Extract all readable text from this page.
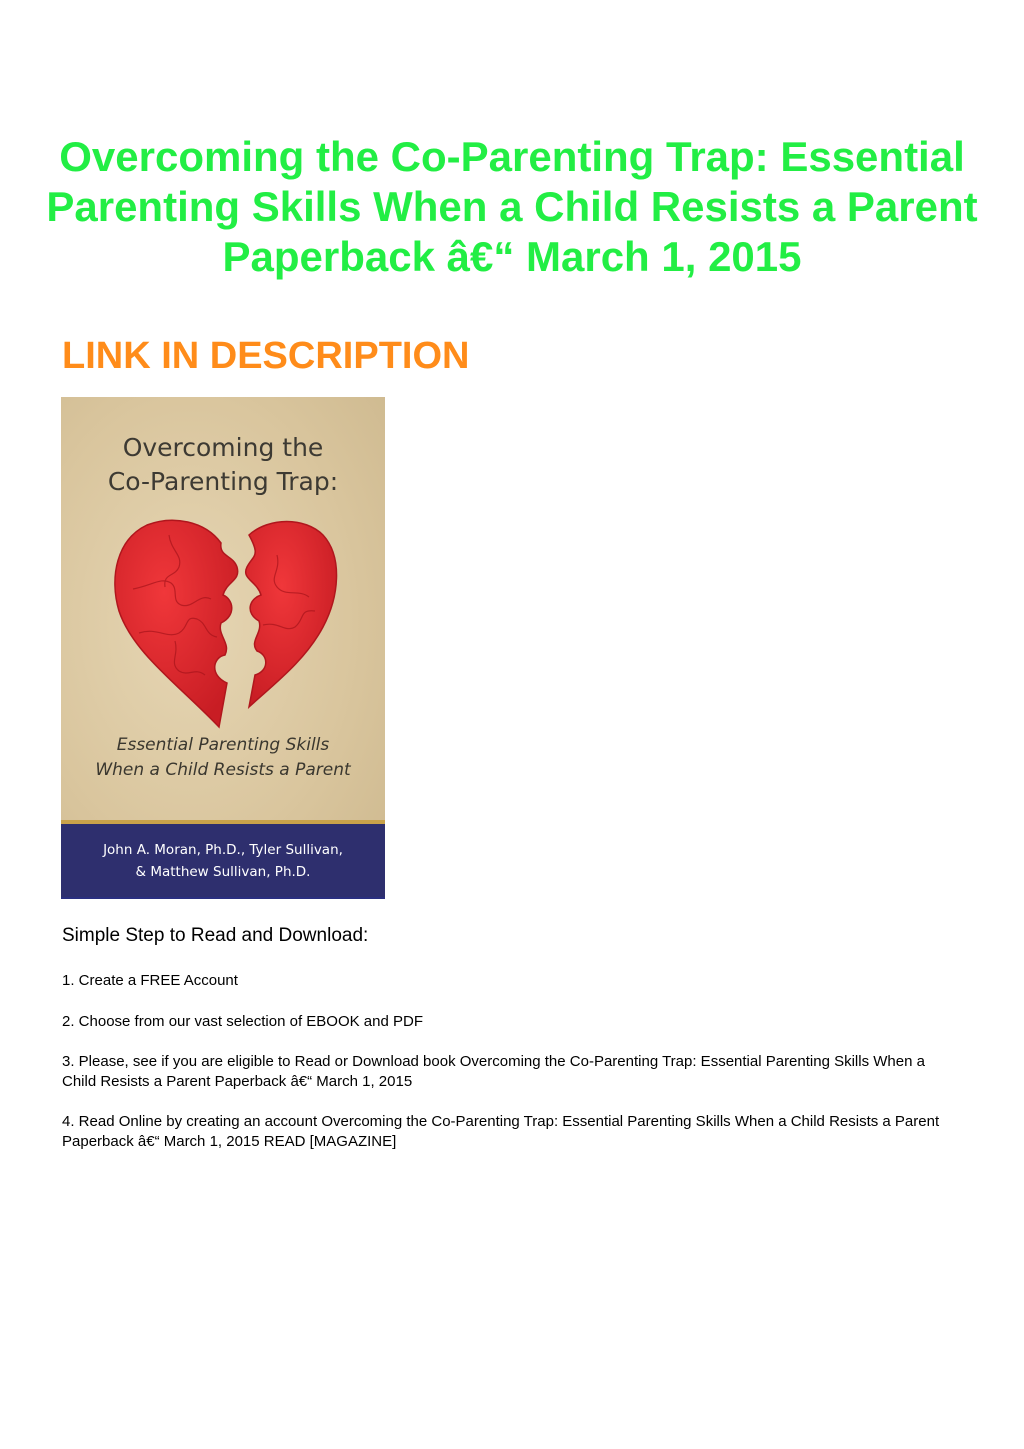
Overcoming the Co-Parenting Trap: Essential Parenting Skills When a Child Resists a Parent Paperback â€“ March 1, 2015
LINK IN DESCRIPTION
Overcoming the
Co-Parenting Trap:
Essential Parenting Skills
When a Child Resists a Parent
John A. Moran, Ph.D., Tyler Sullivan,
& Matthew Sullivan, Ph.D.

Simple Step to Read and Download:

1. Create a FREE Account

2. Choose from our vast selection of EBOOK and PDF

3. Please, see if you are eligible to Read or Download book Overcoming the Co-Parenting Trap: Essential Parenting Skills When a Child Resists a Parent Paperback â€“ March 1, 2015

4. Read Online by creating an account Overcoming the Co-Parenting Trap: Essential Parenting Skills When a Child Resists a Parent Paperback â€“ March 1, 2015 READ [MAGAZINE]
